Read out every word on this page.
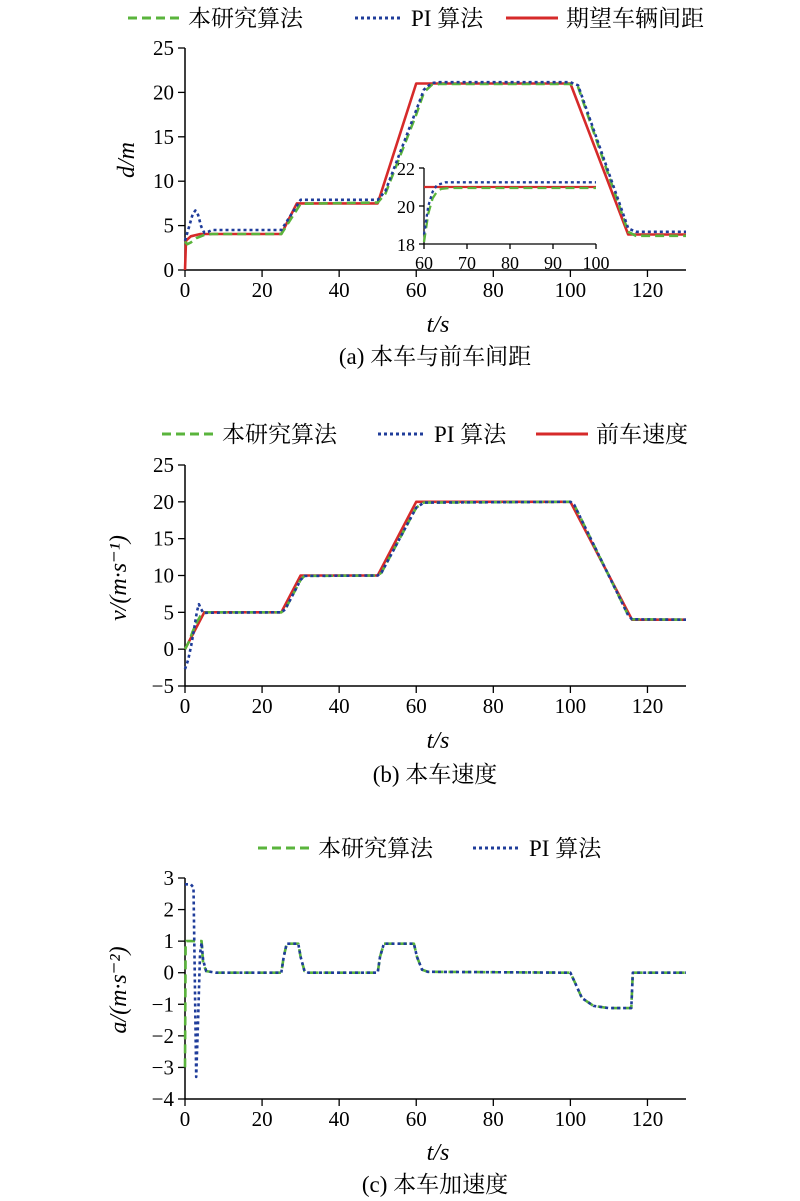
本研究算法	PI 算法	期望车辆间距
0
5
10
15
20
25
0	20	40	60	80 100 120
18
20
22
60 70 80 90 100
t/s
d/m
(a) 本车与前车间距
本研究算法	PI 算法	前车速度
−5
0
5
10
15
20
25
0	20	40	60	80 100 120
t/s
v/(m·s⁻¹)
(b) 本车速度
本研究算法	PI 算法
−4
−3
−2
−1
0
1
2
3
0	20	40	60	80 100 120
t/s
a/(m·s⁻²)
(c) 本车加速度
